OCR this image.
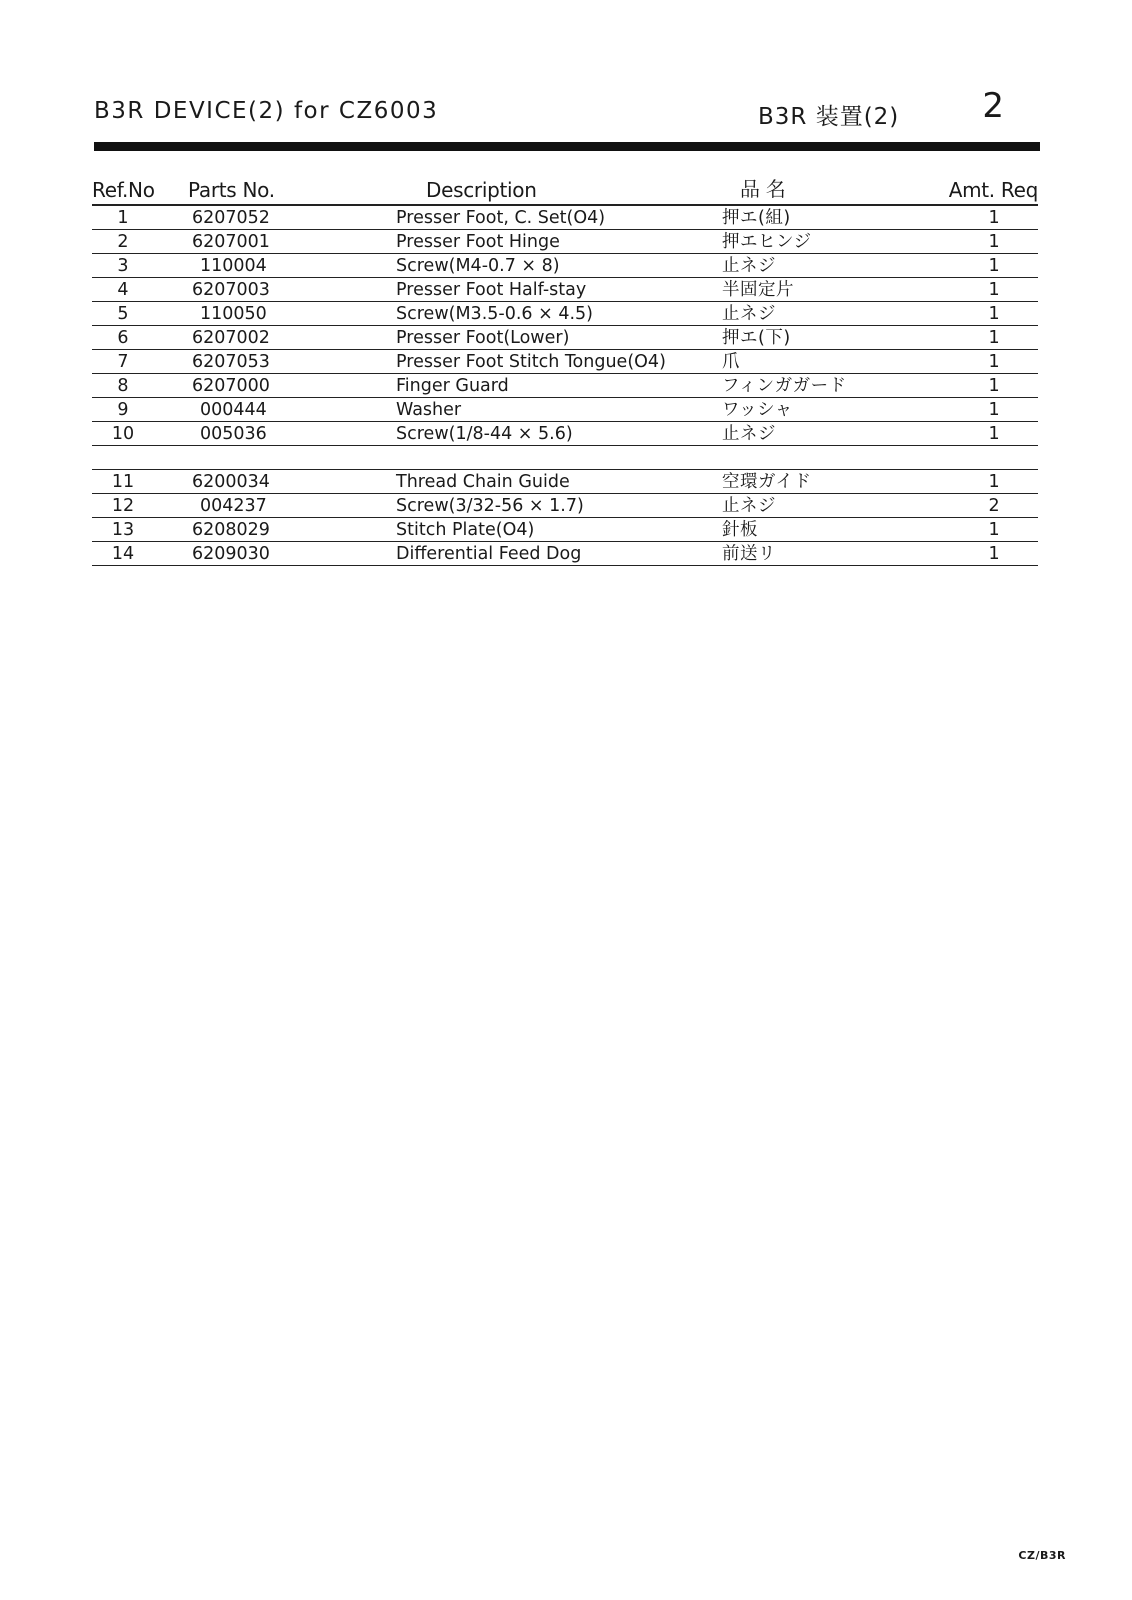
B3R DEVICE(2) for CZ6003	B3R 装置(2) 2
Ref.No	Parts No.	Description	品 名	Amt. Req
1	6207052	Presser Foot, C. Set(O4)	押エ(組)	1
2	6207001	Presser Foot Hinge	押エヒンジ	1
3	110004	Screw(M4-0.7 × 8)	止ネジ	1
4	6207003	Presser Foot Half-stay	半固定片	1
5	110050	Screw(M3.5-0.6 × 4.5)	止ネジ	1
6	6207002	Presser Foot(Lower)	押エ(下)	1
7	6207053	Presser Foot Stitch Tongue(O4)	爪	1
8	6207000	Finger Guard	フィンガガード	1
9	000444	Washer	ワッシャ	1
10	005036	Screw(1/8-44 × 5.6)	止ネジ	1

11	6200034	Thread Chain Guide	空環ガイド	1
12	004237	Screw(3/32-56 × 1.7)	止ネジ	2
13	6208029	Stitch Plate(O4)	針板	1
14	6209030	Differential Feed Dog	前送リ	1
CZ/B3R
